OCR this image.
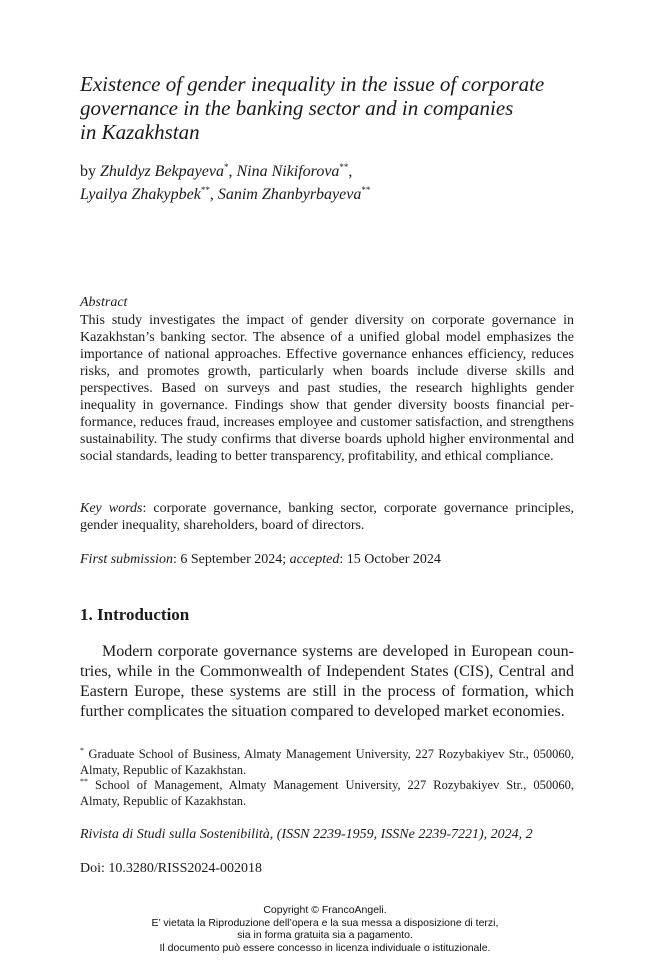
Existence of gender inequality in the issue of corporate
governance in the banking sector and in companies
in Kazakhstan
by Zhuldyz Bekpayeva*, Nina Nikiforova**,
Lyailya Zhakypbek**, Sanim Zhanbyrbayeva**
Abstract
This study investigates the impact of gender diversity on corporate governance in Kazakhstan’s banking sector. The absence of a unified global model emphasizes the importance of national approaches. Effective governance enhances efficiency, reduces risks, and promotes growth, particularly when boards include diverse skills and perspectives. Based on surveys and past studies, the research highlights gender inequality in governance. Findings show that gender diversity boosts financial performance, reduces fraud, increases employee and customer satisfaction, and strengthens sustainability. The study confirms that diverse boards uphold higher environmental and social standards, leading to better transparency, profitability, and ethical compliance.
Key words: corporate governance, banking sector, corporate governance principles, gender inequality, shareholders, board of directors.
First submission: 6 September 2024; accepted: 15 October 2024
1. Introduction
Modern corporate governance systems are developed in European countries, while in the Commonwealth of Independent States (CIS), Central and Eastern Europe, these systems are still in the process of formation, which further complicates the situation compared to developed market economies.
* Graduate School of Business, Almaty Management University, 227 Rozybakiyev Str., 050060, Almaty, Republic of Kazakhstan.
** School of Management, Almaty Management University, 227 Rozybakiyev Str., 050060, Almaty, Republic of Kazakhstan.
Rivista di Studi sulla Sostenibilità, (ISSN 2239-1959, ISSNe 2239-7221), 2024, 2
Doi: 10.3280/RISS2024-002018
Copyright © FrancoAngeli.
E’ vietata la Riproduzione dell’opera e la sua messa a disposizione di terzi,
sia in forma gratuita sia a pagamento.
Il documento può essere concesso in licenza individuale o istituzionale.
